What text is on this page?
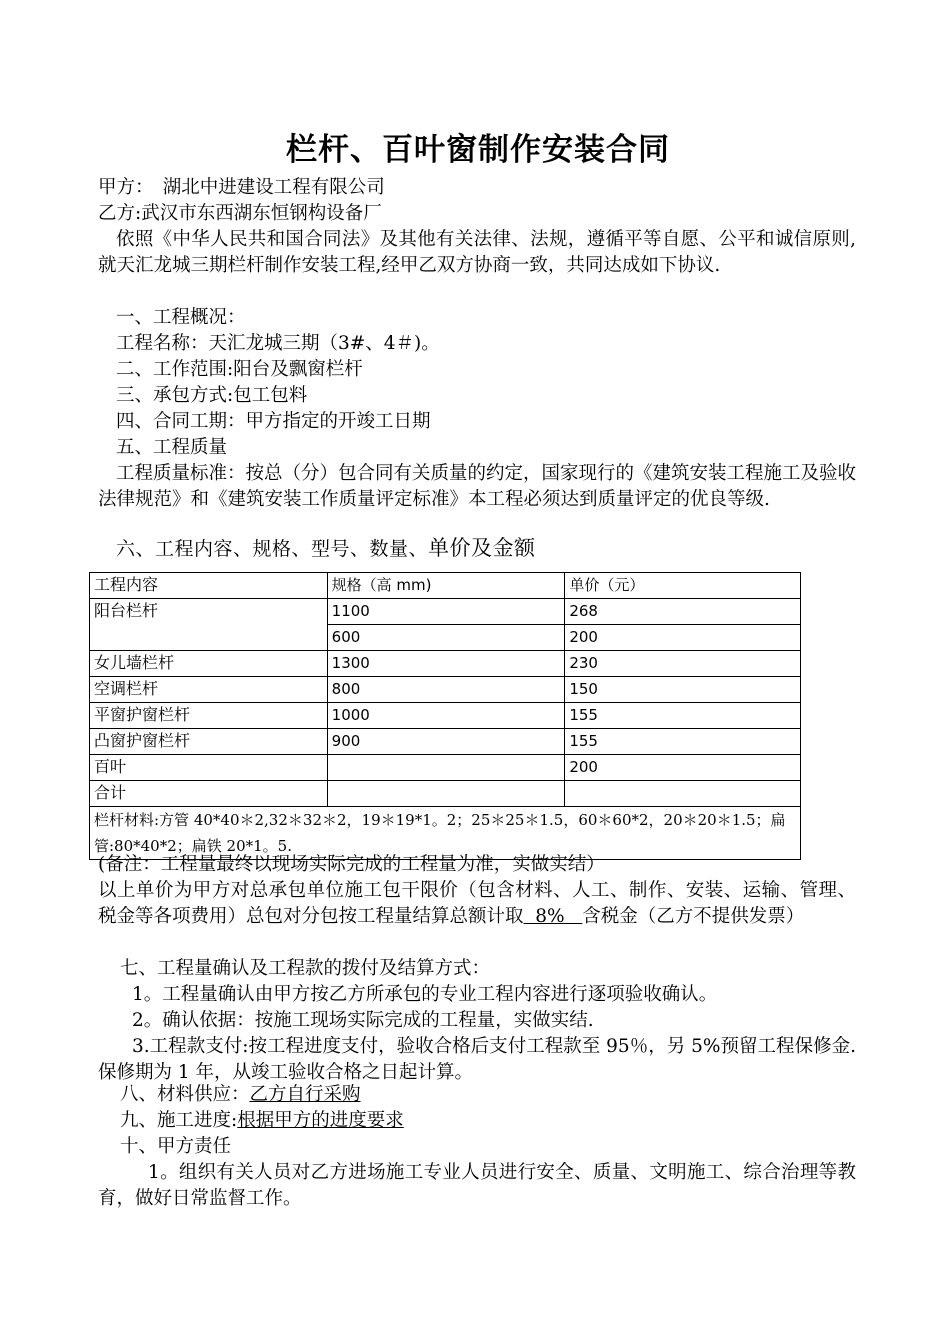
栏杆、百叶窗制作安装合同
甲方：　湖北中进建设工程有限公司
乙方:武汉市东西湖东恒钢构设备厂
依照《中华人民共和国合同法》及其他有关法律、法规，遵循平等自愿、公平和诚信原则,就天汇龙城三期栏杆制作安装工程,经甲乙双方协商一致，共同达成如下协议.
一、工程概况：
工程名称：天汇龙城三期（3#、4＃)。
二、工作范围:阳台及飘窗栏杆
三、承包方式:包工包料
四、合同工期：甲方指定的开竣工日期
五、工程质量
工程质量标准：按总（分）包合同有关质量的约定，国家现行的《建筑安装工程施工及验收法律规范》和《建筑安装工作质量评定标准》本工程必须达到质量评定的优良等级.
六、工程内容、规格、型号、数量、单价及金额
(备注：工程量最终以现场实际完成的工程量为准，实做实结）
以上单价为甲方对总承包单位施工包干限价（包含材料、人工、制作、安装、运输、管理、税金等各项费用）总包对分包按工程量结算总额计取  8%   含税金（乙方不提供发票）
七、工程量确认及工程款的拨付及结算方式：
1。工程量确认由甲方按乙方所承包的专业工程内容进行逐项验收确认。
2。确认依据：按施工现场实际完成的工程量，实做实结.
3.工程款支付:按工程进度支付，验收合格后支付工程款至 95％，另 5%预留工程保修金. 保修期为 1 年，从竣工验收合格之日起计算。
八、材料供应：乙方自行采购
九、施工进度:根据甲方的进度要求
十、甲方责任
1。组织有关人员对乙方进场施工专业人员进行安全、质量、文明施工、综合治理等教育，做好日常监督工作。
工程内容	规格（高 mm)	单价（元）
阳台栏杆	1100	268
	600	200
女儿墙栏杆	1300	230
空调栏杆	800	150
平窗护窗栏杆	1000	155
凸窗护窗栏杆	900	155
百叶		200
合计		
栏杆材料:方管 40*40＊2,32＊32＊2，19＊19*1。2；25＊25＊1.5，60＊60*2，20＊20＊1.5；扁管:80*40*2；扁铁 20*1。5.		
